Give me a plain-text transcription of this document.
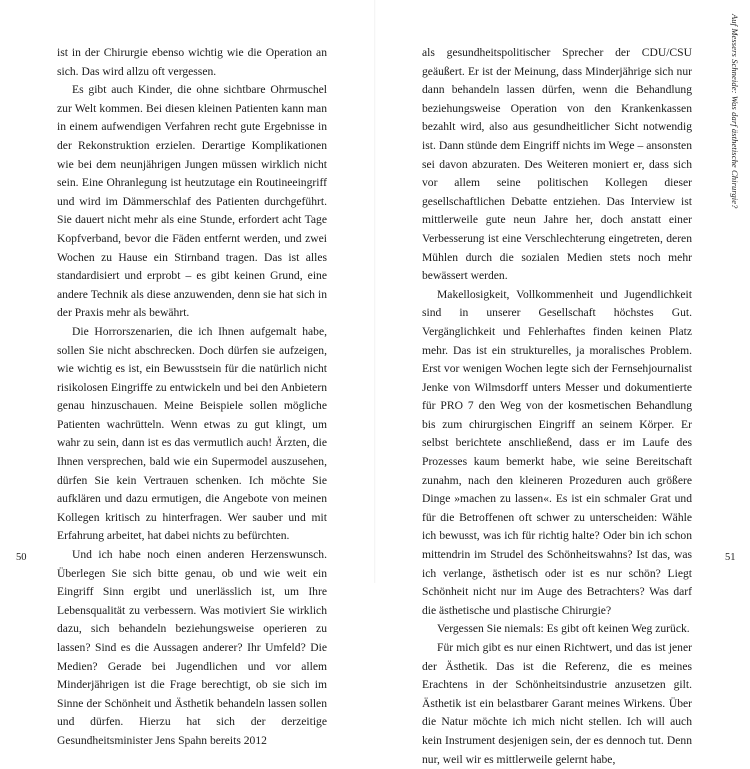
ist in der Chirurgie ebenso wichtig wie die Operation an sich. Das wird allzu oft vergessen.

Es gibt auch Kinder, die ohne sichtbare Ohrmuschel zur Welt kommen. Bei diesen kleinen Patienten kann man in einem aufwendigen Verfahren recht gute Ergebnisse in der Rekonstruktion erzielen. Derartige Komplikationen wie bei dem neunjährigen Jungen müssen wirklich nicht sein. Eine Ohranlegung ist heutzutage ein Routineeingriff und wird im Dämmerschlaf des Patienten durchgeführt. Sie dauert nicht mehr als eine Stunde, erfordert acht Tage Kopfverband, bevor die Fäden entfernt werden, und zwei Wochen zu Hause ein Stirnband tragen. Das ist alles standardisiert und erprobt – es gibt keinen Grund, eine andere Technik als diese anzuwenden, denn sie hat sich in der Praxis mehr als bewährt.

Die Horrorszenarien, die ich Ihnen aufgemalt habe, sollen Sie nicht abschrecken. Doch dürfen sie aufzeigen, wie wichtig es ist, ein Bewusstsein für die natürlich nicht risikolosen Eingriffe zu entwickeln und bei den Anbietern genau hinzuschauen. Meine Beispiele sollen mögliche Patienten wachrütteln. Wenn etwas zu gut klingt, um wahr zu sein, dann ist es das vermutlich auch! Ärzten, die Ihnen versprechen, bald wie ein Supermodel auszusehen, dürfen Sie kein Vertrauen schenken. Ich möchte Sie aufklären und dazu ermutigen, die Angebote von meinen Kollegen kritisch zu hinterfragen. Wer sauber und mit Erfahrung arbeitet, hat dabei nichts zu befürchten.

Und ich habe noch einen anderen Herzenswunsch. Überlegen Sie sich bitte genau, ob und wie weit ein Eingriff Sinn ergibt und unerlässlich ist, um Ihre Lebensqualität zu verbessern. Was motiviert Sie wirklich dazu, sich behandeln beziehungsweise operieren zu lassen? Sind es die Aussagen anderer? Ihr Umfeld? Die Medien? Gerade bei Jugendlichen und vor allem Minderjährigen ist die Frage berechtigt, ob sie sich im Sinne der Schönheit und Ästhetik behandeln lassen sollen und dürfen. Hierzu hat sich der derzeitige Gesundheitsminister Jens Spahn bereits 2012

50

als gesundheitspolitischer Sprecher der CDU/CSU geäußert. Er ist der Meinung, dass Minderjährige sich nur dann behandeln lassen dürfen, wenn die Behandlung beziehungsweise Operation von den Krankenkassen bezahlt wird, also aus gesundheitlicher Sicht notwendig ist. Dann stünde dem Eingriff nichts im Wege – ansonsten sei davon abzuraten. Des Weiteren moniert er, dass sich vor allem seine politischen Kollegen dieser gesellschaftlichen Debatte entziehen. Das Interview ist mittlerweile gute neun Jahre her, doch anstatt einer Verbesserung ist eine Verschlechterung eingetreten, deren Mühlen durch die sozialen Medien stets noch mehr bewässert werden.

Makellosigkeit, Vollkommenheit und Jugendlichkeit sind in unserer Gesellschaft höchstes Gut. Vergänglichkeit und Fehlerhaftes finden keinen Platz mehr. Das ist ein strukturelles, ja moralisches Problem. Erst vor wenigen Wochen legte sich der Fernsehjournalist Jenke von Wilmsdorff unters Messer und dokumentierte für PRO 7 den Weg von der kosmetischen Behandlung bis zum chirurgischen Eingriff an seinem Körper. Er selbst berichtete anschließend, dass er im Laufe des Prozesses kaum bemerkt habe, wie seine Bereitschaft zunahm, nach den kleineren Prozeduren auch größere Dinge »machen zu lassen«. Es ist ein schmaler Grat und für die Betroffenen oft schwer zu unterscheiden: Wähle ich bewusst, was ich für richtig halte? Oder bin ich schon mittendrin im Strudel des Schönheitswahns? Ist das, was ich verlange, ästhetisch oder ist es nur schön? Liegt Schönheit nicht nur im Auge des Betrachters? Was darf die ästhetische und plastische Chirurgie?

Vergessen Sie niemals: Es gibt oft keinen Weg zurück.

Für mich gibt es nur einen Richtwert, und das ist jener der Ästhetik. Das ist die Referenz, die es meines Erachtens in der Schönheitsindustrie anzusetzen gilt. Ästhetik ist ein belastbarer Garant meines Wirkens. Über die Natur möchte ich mich nicht stellen. Ich will auch kein Instrument desjenigen sein, der es dennoch tut. Denn nur, weil wir es mittlerweile gelernt habe,

51
Auf Messers Schneide: Was darf ästhetische Chirurgie?
